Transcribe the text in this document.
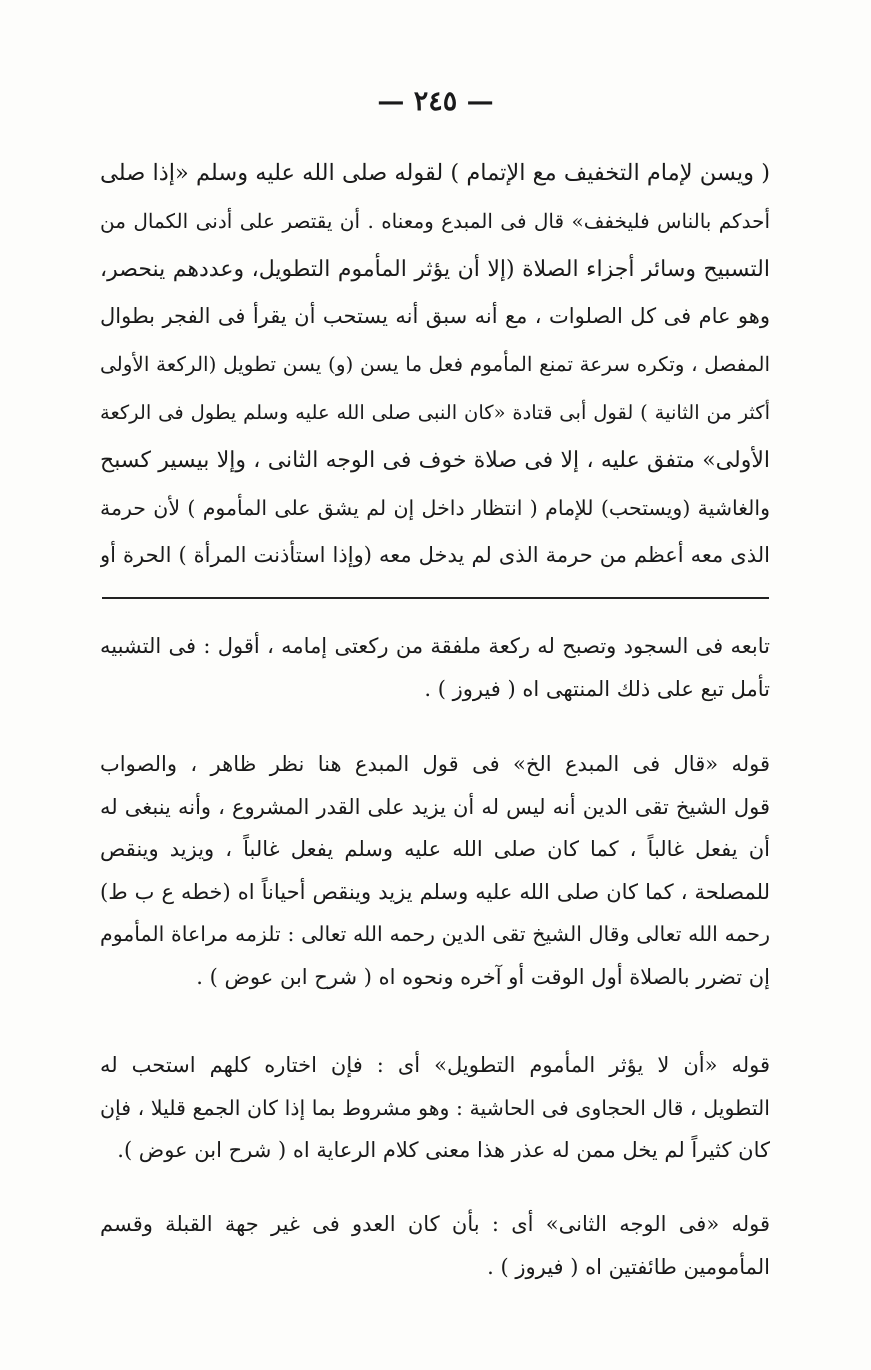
— ٢٤٥ —
( ويسن لإمام التخفيف مع الإتمام ) لقوله صلى الله عليه وسلم «إذا صلى
أحدكم بالناس فليخفف» قال فى المبدع ومعناه . أن يقتصر على أدنى الكمال من
التسبيح وسائر أجزاء الصلاة (إلا أن يؤثر المأموم التطويل، وعددهم ينحصر،
وهو عام فى كل الصلوات ، مع أنه سبق أنه يستحب أن يقرأ فى الفجر بطوال
المفصل ، وتكره سرعة تمنع المأموم فعل ما يسن (و) يسن تطويل (الركعة الأولى
أكثر من الثانية ) لقول أبى قتادة «كان النبى صلى الله عليه وسلم يطول فى الركعة
الأولى» متفق عليه ، إلا فى صلاة خوف فى الوجه الثانى ، وإلا بيسير كسبح
والغاشية (ويستحب) للإمام ( انتظار داخل إن لم يشق على المأموم ) لأن حرمة
الذى معه أعظم من حرمة الذى لم يدخل معه (وإذا استأذنت المرأة ) الحرة أو
تابعه فى السجود وتصبح له ركعة ملفقة من ركعتى إمامه ، أقول : فى التشبيه
تأمل تبع على ذلك المنتهى اه ( فيروز ) .
قوله «قال فى المبدع الخ» فى قول المبدع هنا نظر ظاهر ، والصواب
قول الشيخ تقى الدين أنه ليس له أن يزيد على القدر المشروع ، وأنه ينبغى له
أن يفعل غالباً ، كما كان صلى الله عليه وسلم يفعل غالباً ، ويزيد وينقص
للمصلحة ، كما كان صلى الله عليه وسلم يزيد وينقص أحياناً اه (خطه ع ب ط)
رحمه الله تعالى وقال الشيخ تقى الدين رحمه الله تعالى : تلزمه مراعاة المأموم
إن تضرر بالصلاة أول الوقت أو آخره ونحوه اه ( شرح ابن عوض ) .
قوله «أن لا يؤثر المأموم التطويل» أى : فإن اختاره كلهم استحب له
التطويل ، قال الحجاوى فى الحاشية : وهو مشروط بما إذا كان الجمع قليلا ، فإن
كان كثيراً لم يخل ممن له عذر هذا معنى كلام الرعاية اه ( شرح ابن عوض ).
قوله «فى الوجه الثانى» أى : بأن كان العدو فى غير جهة القبلة وقسم
المأمومين طائفتين اه ( فيروز ) .
